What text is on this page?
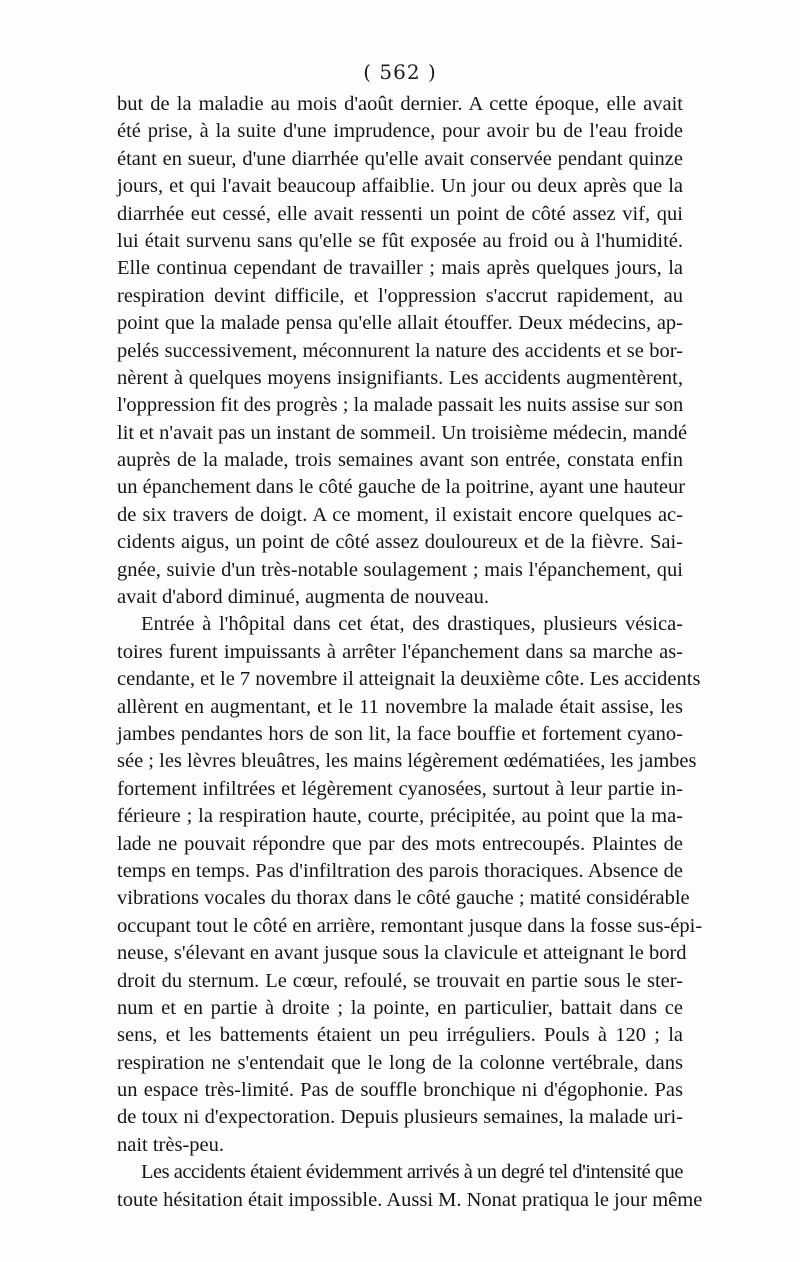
( 562 )
but de la maladie au mois d'août dernier. A cette époque, elle avait
été prise, à la suite d'une imprudence, pour avoir bu de l'eau froide
étant en sueur, d'une diarrhée qu'elle avait conservée pendant quinze
jours, et qui l'avait beaucoup affaiblie. Un jour ou deux après que la
diarrhée eut cessé, elle avait ressenti un point de côté assez vif, qui
lui était survenu sans qu'elle se fût exposée au froid ou à l'humidité.
Elle continua cependant de travailler ; mais après quelques jours, la
respiration devint difficile, et l'oppression s'accrut rapidement, au
point que la malade pensa qu'elle allait étouffer. Deux médecins, ap-
pelés successivement, méconnurent la nature des accidents et se bor-
nèrent à quelques moyens insignifiants. Les accidents augmentèrent,
l'oppression fit des progrès ; la malade passait les nuits assise sur son
lit et n'avait pas un instant de sommeil. Un troisième médecin, mandé
auprès de la malade, trois semaines avant son entrée, constata enfin
un épanchement dans le côté gauche de la poitrine, ayant une hauteur
de six travers de doigt. A ce moment, il existait encore quelques ac-
cidents aigus, un point de côté assez douloureux et de la fièvre. Sai-
gnée, suivie d'un très-notable soulagement ; mais l'épanchement, qui
avait d'abord diminué, augmenta de nouveau.
Entrée à l'hôpital dans cet état, des drastiques, plusieurs vésica-
toires furent impuissants à arrêter l'épanchement dans sa marche as-
cendante, et le 7 novembre il atteignait la deuxième côte. Les accidents
allèrent en augmentant, et le 11 novembre la malade était assise, les
jambes pendantes hors de son lit, la face bouffie et fortement cyano-
sée ; les lèvres bleuâtres, les mains légèrement œdématiées, les jambes
fortement infiltrées et légèrement cyanosées, surtout à leur partie in-
férieure ; la respiration haute, courte, précipitée, au point que la ma-
lade ne pouvait répondre que par des mots entrecoupés. Plaintes de
temps en temps. Pas d'infiltration des parois thoraciques. Absence de
vibrations vocales du thorax dans le côté gauche ; matité considérable
occupant tout le côté en arrière, remontant jusque dans la fosse sus-épi-
neuse, s'élevant en avant jusque sous la clavicule et atteignant le bord
droit du sternum. Le cœur, refoulé, se trouvait en partie sous le ster-
num et en partie à droite ; la pointe, en particulier, battait dans ce
sens, et les battements étaient un peu irréguliers. Pouls à 120 ; la
respiration ne s'entendait que le long de la colonne vertébrale, dans
un espace très-limité. Pas de souffle bronchique ni d'égophonie. Pas
de toux ni d'expectoration. Depuis plusieurs semaines, la malade uri-
nait très-peu.
Les accidents étaient évidemment arrivés à un degré tel d'intensité que
toute hésitation était impossible. Aussi M. Nonat pratiqua le jour même
